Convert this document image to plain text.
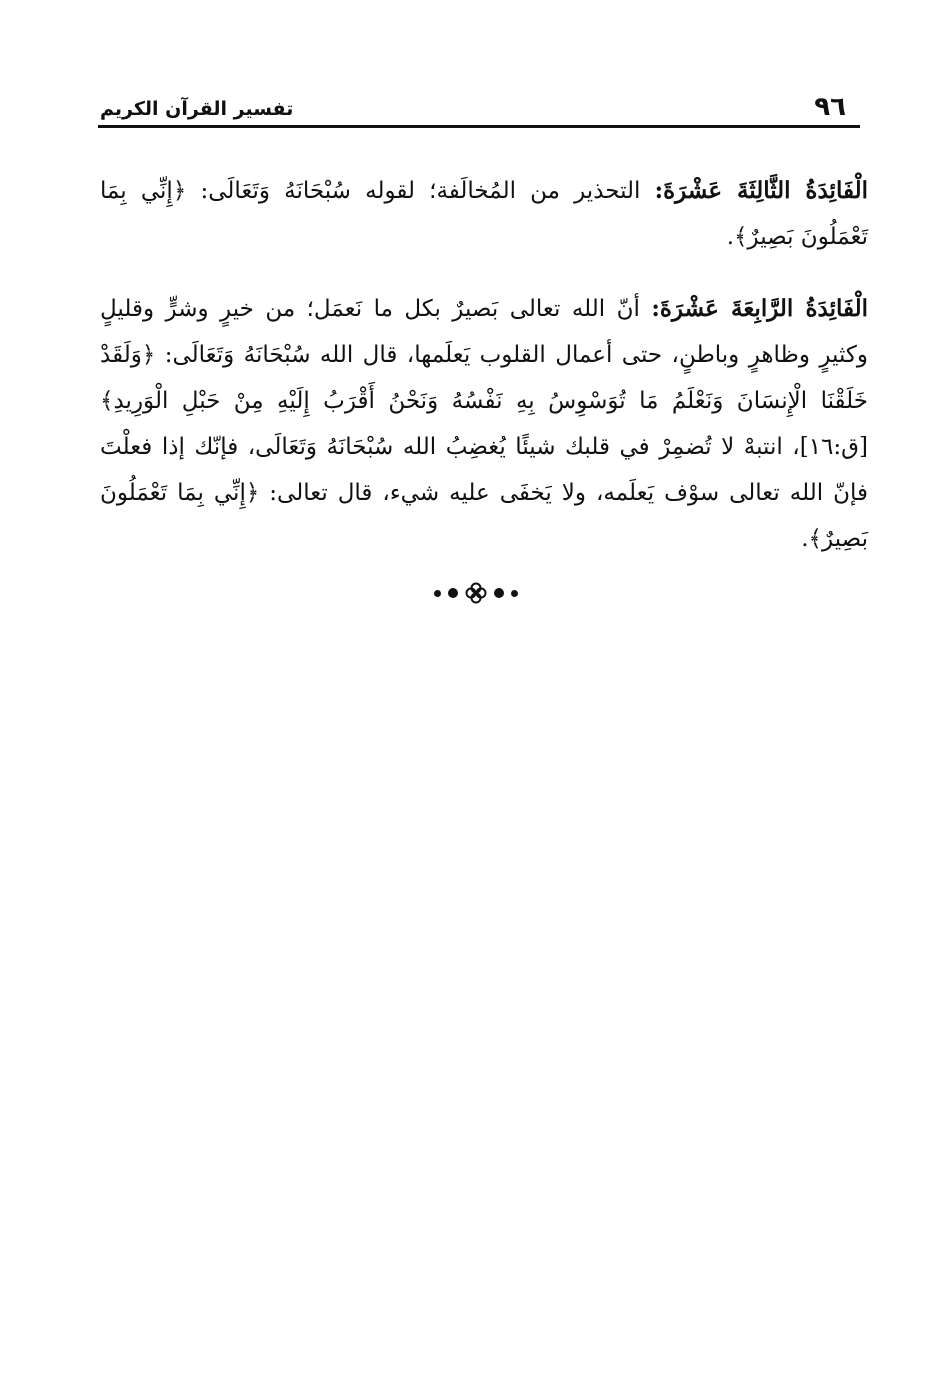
٩٦
تفسير القرآن الكريم

الْفَائِدَةُ الثَّالِثَةَ عَشْرَةَ: التحذير من المُخالَفة؛ لقوله سُبْحَانَهُ وَتَعَالَى: ﴿إِنِّي بِمَا تَعْمَلُونَ بَصِيرٌ﴾.

الْفَائِدَةُ الرَّابِعَةَ عَشْرَةَ: أنّ الله تعالى بَصيرٌ بكل ما نَعمَل؛ من خيرٍ وشرٍّ وقليلٍ وكثيرٍ وظاهرٍ وباطنٍ، حتى أعمال القلوب يَعلَمها، قال الله سُبْحَانَهُ وَتَعَالَى: ﴿وَلَقَدْ خَلَقْنَا الْإِنسَانَ وَنَعْلَمُ مَا تُوَسْوِسُ بِهِ نَفْسُهُ وَنَحْنُ أَقْرَبُ إِلَيْهِ مِنْ حَبْلِ الْوَرِيدِ﴾ [ق:١٦]، انتبهْ لا تُضمِرْ في قلبك شيئًا يُغضِبُ الله سُبْحَانَهُ وَتَعَالَى، فإنّك إذا فعلْتَ فإنّ الله تعالى سوْف يَعلَمه، ولا يَخفَى عليه شيء، قال تعالى: ﴿إِنِّي بِمَا تَعْمَلُونَ بَصِيرٌ﴾.
